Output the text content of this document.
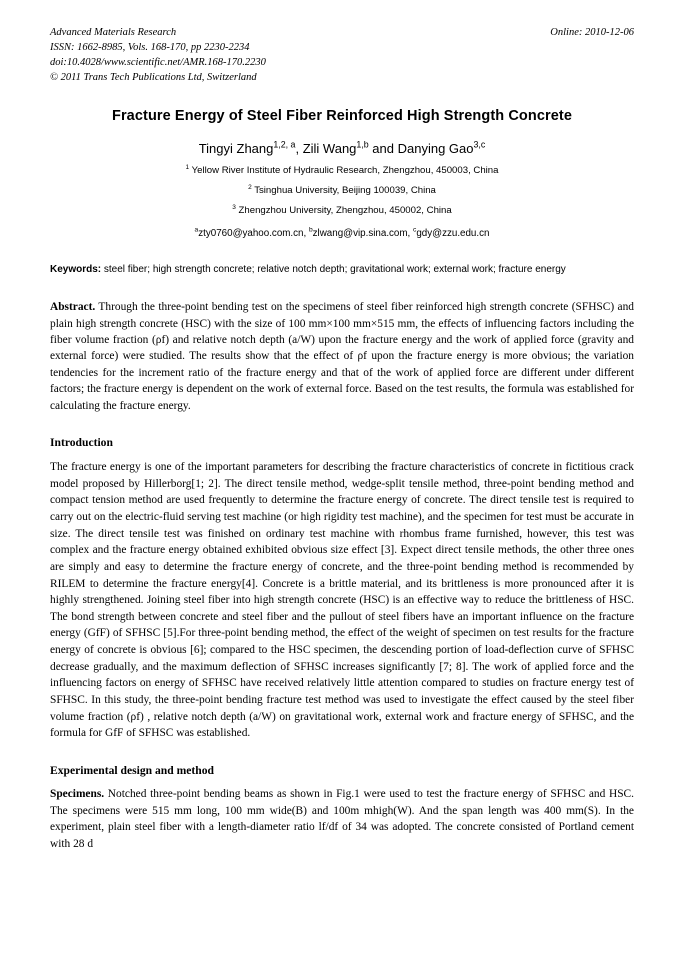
Advanced Materials Research	Online: 2010-12-06
ISSN: 1662-8985, Vols. 168-170, pp 2230-2234
doi:10.4028/www.scientific.net/AMR.168-170.2230
© 2011 Trans Tech Publications Ltd, Switzerland
Fracture Energy of Steel Fiber Reinforced High Strength Concrete
Tingyi Zhang$^{1,2, a}$, Zili Wang$^{1,b}$ and Danying Gao$^{3,c}$
$^1$ Yellow River Institute of Hydraulic Research, Zhengzhou, 450003, China
$^2$ Tsinghua University, Beijing 100039, China
$^3$ Zhengzhou University, Zhengzhou, 450002, China
$^a$zty0760@yahoo.com.cn, $^b$zlwang@vip.sina.com, $^c$gdy@zzu.edu.cn
Keywords: steel fiber; high strength concrete; relative notch depth; gravitational work; external work; fracture energy
Abstract. Through the three-point bending test on the specimens of steel fiber reinforced high strength concrete (SFHSC) and plain high strength concrete (HSC) with the size of 100 mm×100 mm×515 mm, the effects of influencing factors including the fiber volume fraction (ρf) and relative notch depth (a/W) upon the fracture energy and the work of applied force (gravity and external force) were studied. The results show that the effect of ρf upon the fracture energy is more obvious; the variation tendencies for the increment ratio of the fracture energy and that of the work of applied force are different under different factors; the fracture energy is dependent on the work of external force. Based on the test results, the formula was established for calculating the fracture energy.
Introduction
The fracture energy is one of the important parameters for describing the fracture characteristics of concrete in fictitious crack model proposed by Hillerborg[1; 2]. The direct tensile method, wedge-split tensile method, three-point bending method and compact tension method are used frequently to determine the fracture energy of concrete. The direct tensile test is required to carry out on the electric-fluid serving test machine (or high rigidity test machine), and the specimen for test must be accurate in size. The direct tensile test was finished on ordinary test machine with rhombus frame furnished, however, this test was complex and the fracture energy obtained exhibited obvious size effect [3]. Expect direct tensile methods, the other three ones are simply and easy to determine the fracture energy of concrete, and the three-point bending method is recommended by RILEM to determine the fracture energy[4]. Concrete is a brittle material, and its brittleness is more pronounced after it is highly strengthened. Joining steel fiber into high strength concrete (HSC) is an effective way to reduce the brittleness of HSC. The bond strength between concrete and steel fiber and the pullout of steel fibers have an important influence on the fracture energy (GfF) of SFHSC [5].For three-point bending method, the effect of the weight of specimen on test results for the fracture energy of concrete is obvious [6]; compared to the HSC specimen, the descending portion of load-deflection curve of SFHSC decrease gradually, and the maximum deflection of SFHSC increases significantly [7; 8]. The work of applied force and the influencing factors on energy of SFHSC have received relatively little attention compared to studies on fracture energy test of SFHSC. In this study, the three-point bending fracture test method was used to investigate the effect caused by the steel fiber volume fraction (ρf) , relative notch depth (a/W) on gravitational work, external work and fracture energy of SFHSC, and the formula for GfF of SFHSC was established.
Experimental design and method
Specimens. Notched three-point bending beams as shown in Fig.1 were used to test the fracture energy of SFHSC and HSC. The specimens were 515 mm long, 100 mm wide(B) and 100m mhigh(W). And the span length was 400 mm(S). In the experiment, plain steel fiber with a length-diameter ratio lf/df of 34 was adopted. The concrete consisted of Portland cement with 28 d
